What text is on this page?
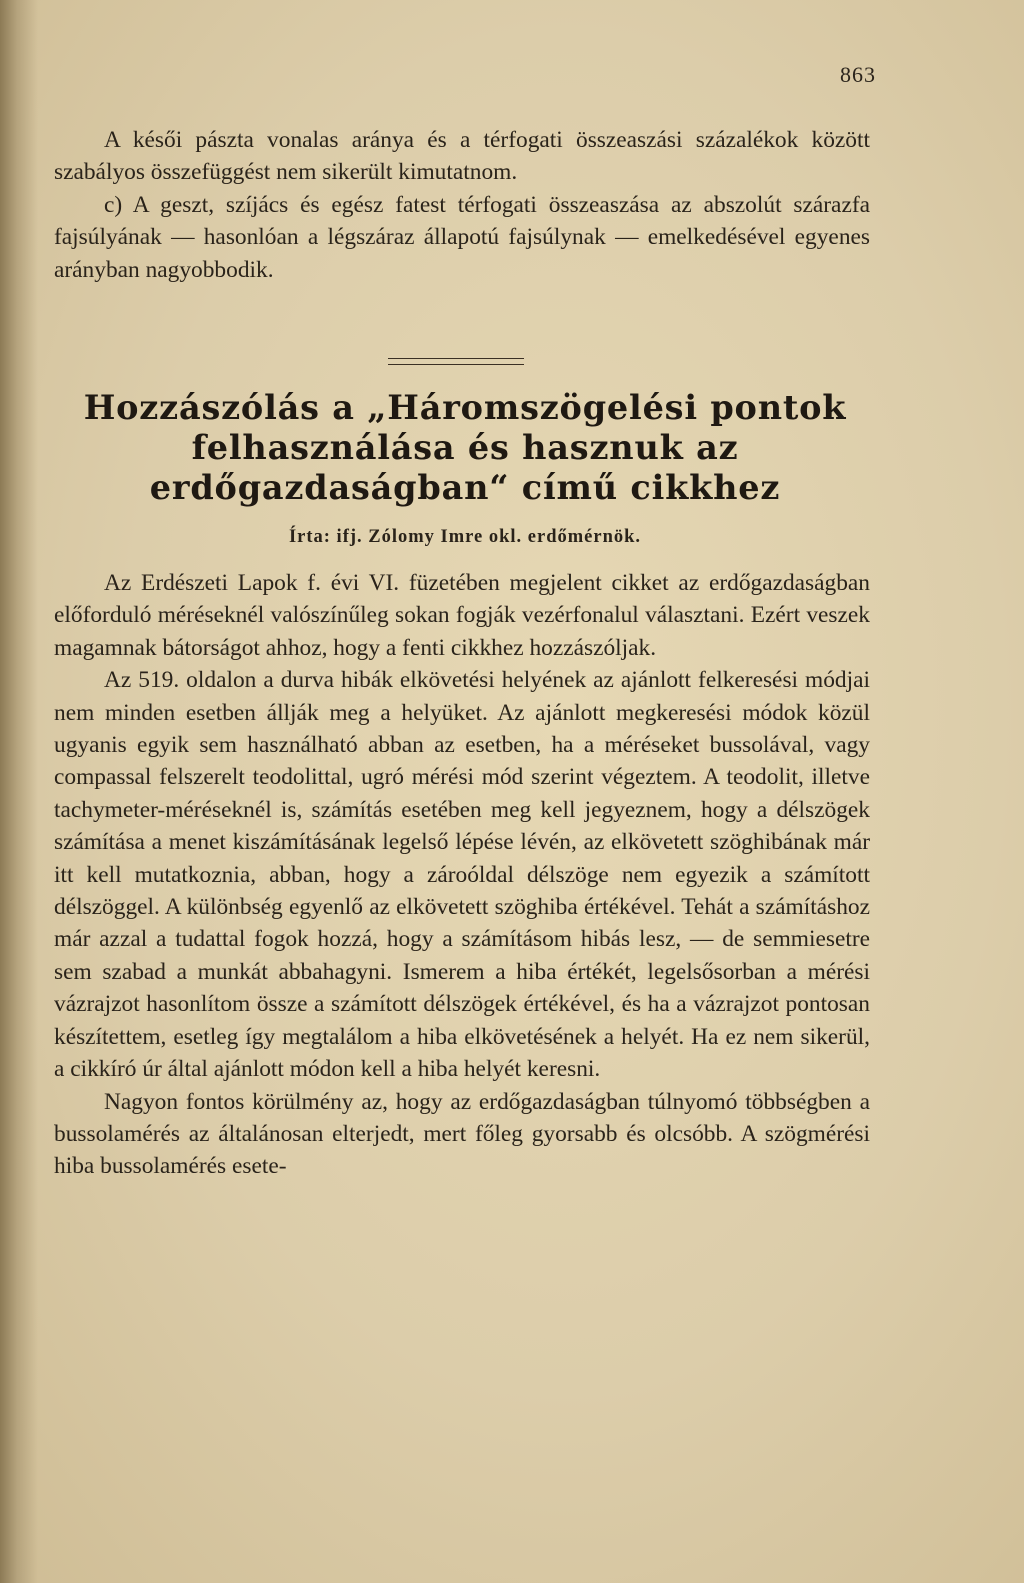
863

A késői pászta vonalas aránya és a térfogati összeaszási százalékok között szabályos összefüggést nem sikerült kimutatnom.

c) A geszt, szíjács és egész fatest térfogati összeaszása az abszolút szárazfa fajsúlyának — hasonlóan a légszáraz állapotú fajsúlynak — emelkedésével egyenes arányban nagyobbodik.

Hozzászólás a „Háromszögelési pontok felhasználása és hasznuk az erdőgazdaságban“ című cikkhez
Írta: ifj. Zólomy Imre okl. erdőmérnök.

Az Erdészeti Lapok f. évi VI. füzetében megjelent cikket az erdőgazdaságban előforduló méréseknél valószínűleg sokan fogják vezérfonalul választani. Ezért veszek magamnak bátorságot ahhoz, hogy a fenti cikkhez hozzászóljak.

Az 519. oldalon a durva hibák elkövetési helyének az ajánlott felkeresési módjai nem minden esetben állják meg a helyüket. Az ajánlott megkeresési módok közül ugyanis egyik sem használható abban az esetben, ha a méréseket bussolával, vagy compassal felszerelt teodolittal, ugró mérési mód szerint végeztem. A teodolit, illetve tachymeter-méréseknél is, számítás esetében meg kell jegyeznem, hogy a délszögek számítása a menet kiszámításának legelső lépése lévén, az elkövetett szöghibának már itt kell mutatkoznia, abban, hogy a zároóldal délszöge nem egyezik a számított délszöggel. A különbség egyenlő az elkövetett szöghiba értékével. Tehát a számításhoz már azzal a tudattal fogok hozzá, hogy a számításom hibás lesz, — de semmiesetre sem szabad a munkát abbahagyni. Ismerem a hiba értékét, legelsősorban a mérési vázrajzot hasonlítom össze a számított délszögek értékével, és ha a vázrajzot pontosan készítettem, esetleg így megtalálom a hiba elkövetésének a helyét. Ha ez nem sikerül, a cikkíró úr által ajánlott módon kell a hiba helyét keresni.

Nagyon fontos körülmény az, hogy az erdőgazdaságban túlnyomó többségben a bussolamérés az általánosan elterjedt, mert főleg gyorsabb és olcsóbb. A szögmérési hiba bussolamérés esete-
